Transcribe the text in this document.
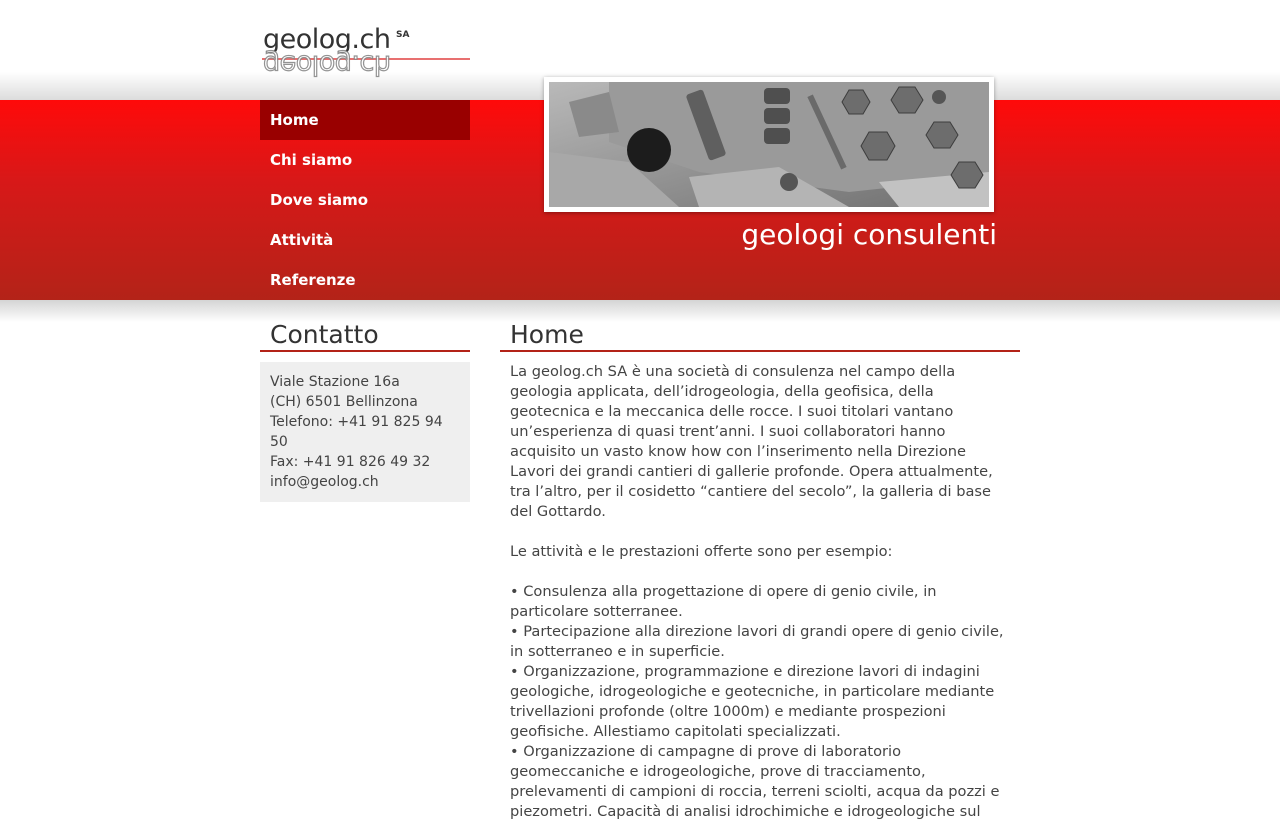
geolog.ch SA
geolog.ch
Home
Chi siamo
Dove siamo
Attività
Referenze
geologi consulenti
Contatto
Viale Stazione 16a
(CH) 6501 Bellinzona
Telefono: +41 91 825 94 50
Fax: +41 91 826 49 32
info@geolog.ch
Home

La geolog.ch SA è una società di consulenza nel campo della geologia applicata, dell’idrogeologia, della geofisica, della geotecnica e la meccanica delle rocce. I suoi titolari vantano un’esperienza di quasi trent’anni. I suoi collaboratori hanno acquisito un vasto know how con l’inserimento nella Direzione Lavori dei grandi cantieri di gallerie profonde. Opera attualmente, tra l’altro, per il cosidetto “cantiere del secolo”, la galleria di base del Gottardo.

Le attività e le prestazioni offerte sono per esempio:

• Consulenza alla progettazione di opere di genio civile, in particolare sotterranee.
• Partecipazione alla direzione lavori di grandi opere di genio civile, in sotterraneo e in superficie.
• Organizzazione, programmazione e direzione lavori di indagini geologiche, idrogeologiche e geotecniche, in particolare mediante trivellazioni profonde (oltre 1000m) e mediante prospezioni geofisiche. Allestiamo capitolati specializzati.
• Organizzazione di campagne di prove di laboratorio geomeccaniche e idrogeologiche, prove di tracciamento, prelevamenti di campioni di roccia, terreni sciolti, acqua da pozzi e piezometri. Capacità di analisi idrochimiche e idrogeologiche sul
